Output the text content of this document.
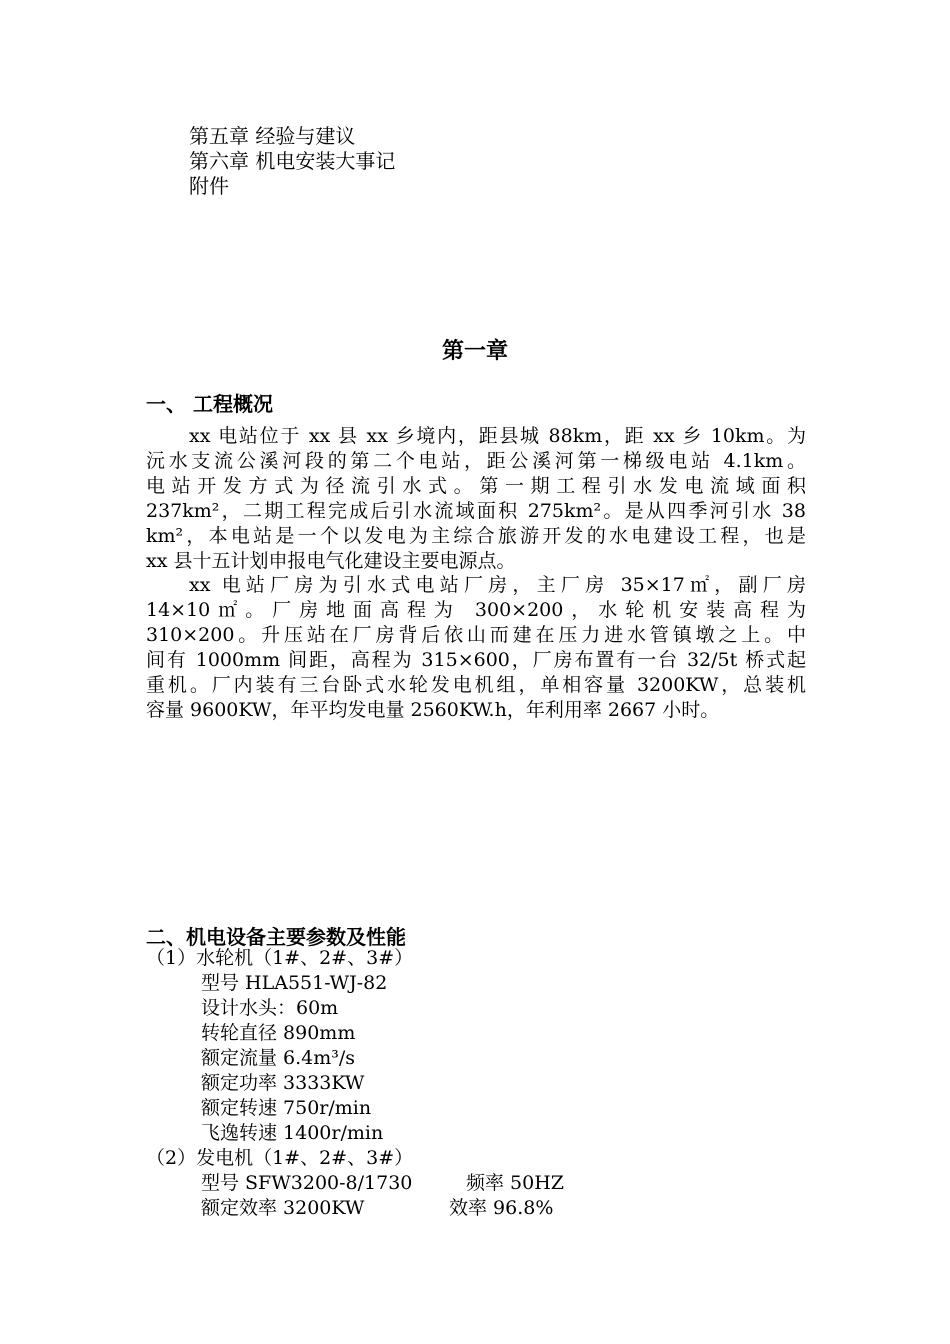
第五章 经验与建议
第六章 机电安装大事记
附件
第一章
一、 工程概况
xx 电站位于 xx 县 xx 乡境内，距县城 88km，距 xx 乡 10km。为
沅水支流公溪河段的第二个电站，距公溪河第一梯级电站 4.1km。
电站开发方式为径流引水式。第一期工程引水发电流域面积
237km²，二期工程完成后引水流域面积 275km²。是从四季河引水 38
km²，本电站是一个以发电为主综合旅游开发的水电建设工程，也是
xx 县十五计划申报电气化建设主要电源点。
xx 电站厂房为引水式电站厂房，主厂房 35×17㎡，副厂房
14×10㎡。厂房地面高程为 300×200，水轮机安装高程为
310×200。升压站在厂房背后依山而建在压力进水管镇墩之上。中
间有 1000mm 间距，高程为 315×600，厂房布置有一台 32/5t 桥式起
重机。厂内装有三台卧式水轮发电机组，单相容量 3200KW，总装机
容量 9600KW，年平均发电量 2560KW.h，年利用率 2667 小时。
二、机电设备主要参数及性能
（1）水轮机（1#、2#、3#）
型号 HLA551-WJ-82
设计水头：60m
转轮直径 890mm
额定流量 6.4m³/s
额定功率 3333KW
额定转速 750r/min
飞逸转速 1400r/min
（2）发电机（1#、2#、3#）
型号 SFW3200-8/1730	频率 50HZ
额定效率 3200KW	效率 96.8%
